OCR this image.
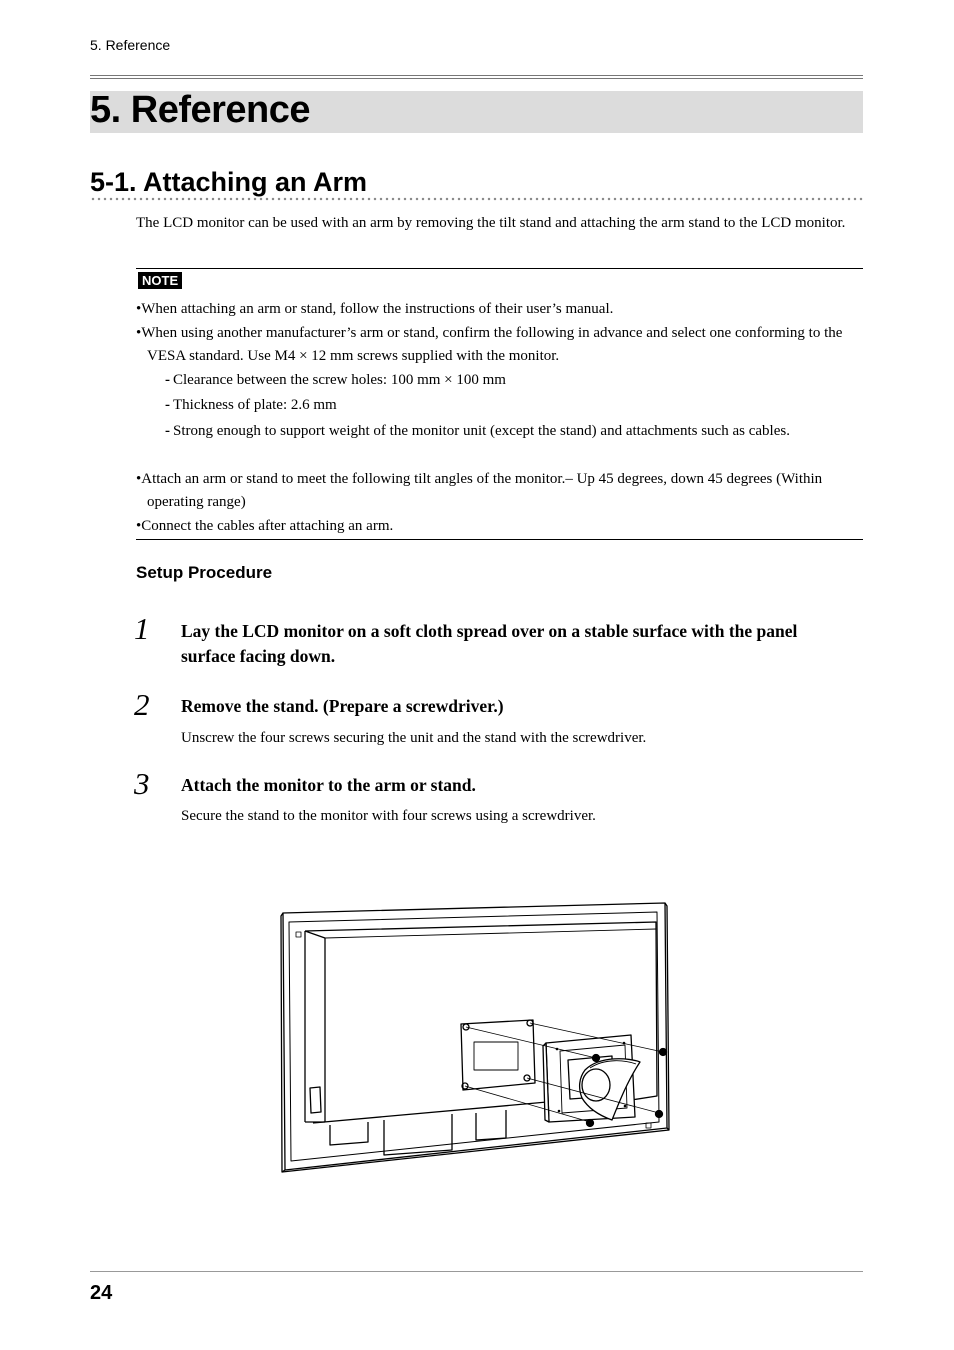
5. Reference
5. Reference
5-1. Attaching an Arm
The LCD monitor can be used with an arm by removing the tilt stand and attaching the arm stand to the LCD monitor.
NOTE
•When attaching an arm or stand, follow the instructions of their user’s manual.
•When using another manufacturer’s arm or stand, confirm the following in advance and select one conforming to the VESA standard. Use M4 × 12 mm screws supplied with the monitor.
- Clearance between the screw holes: 100 mm × 100 mm
- Thickness of plate: 2.6 mm
- Strong enough to support weight of the monitor unit (except the stand) and attachments such as cables.
•Attach an arm or stand to meet the following tilt angles of the monitor.– Up 45 degrees, down 45 degrees (Within operating range)
•Connect the cables after attaching an arm.
Setup Procedure
1 Lay the LCD monitor on a soft cloth spread over on a stable surface with the panel surface facing down.
2 Remove the stand. (Prepare a screwdriver.)
Unscrew the four screws securing the unit and the stand with the screwdriver.
3 Attach the monitor to the arm or stand.
Secure the stand to the monitor with four screws using a screwdriver.
24
